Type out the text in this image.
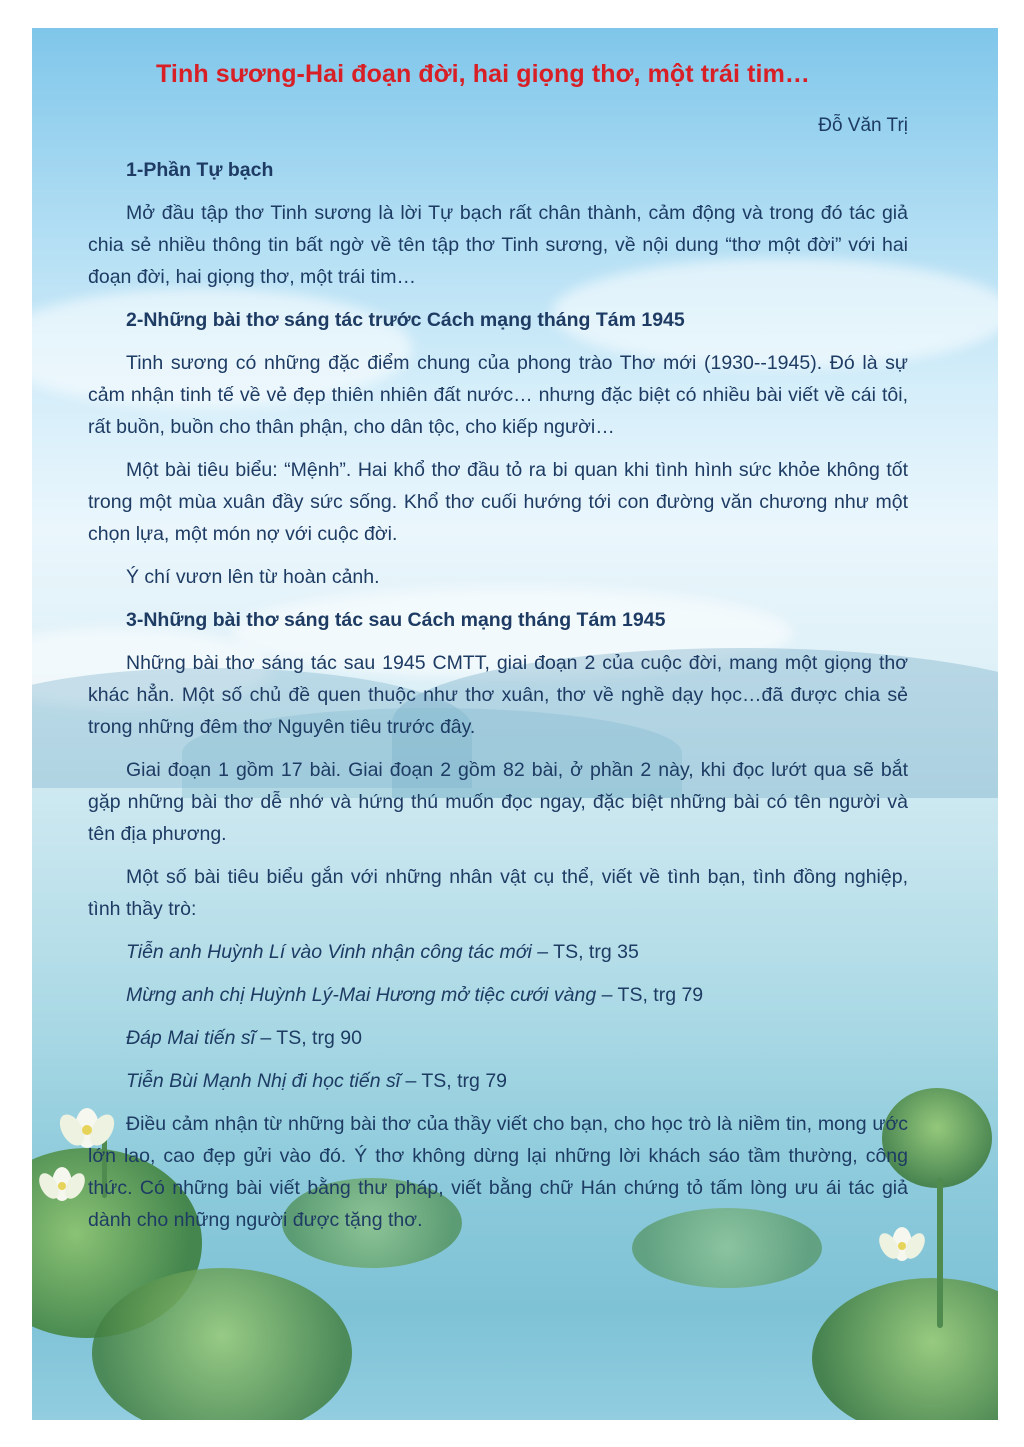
Tinh sương-Hai đoạn đời, hai giọng thơ, một trái tim…
Đỗ Văn Trị

1-Phần Tự bạch

Mở đầu tập thơ Tinh sương là lời Tự bạch rất chân thành, cảm động và trong đó tác giả chia sẻ nhiều thông tin bất ngờ về tên tập thơ Tinh sương, về nội dung “thơ một đời” với hai đoạn đời, hai giọng thơ, một trái tim…

2-Những bài thơ sáng tác trước Cách mạng tháng Tám 1945

Tinh sương có những đặc điểm chung của phong trào Thơ mới (1930--1945). Đó là sự cảm nhận tinh tế về vẻ đẹp thiên nhiên đất nước… nhưng đặc biệt có nhiều bài viết về cái tôi, rất buồn, buồn cho thân phận, cho dân tộc, cho kiếp người…

Một bài tiêu biểu: “Mệnh”. Hai khổ thơ đầu tỏ ra bi quan khi tình hình sức khỏe không tốt trong một mùa xuân đầy sức sống. Khổ thơ cuối hướng tới con đường văn chương như một chọn lựa, một món nợ với cuộc đời.

Ý chí vươn lên từ hoàn cảnh.

3-Những bài thơ sáng tác sau Cách mạng tháng Tám 1945

Những bài thơ sáng tác sau 1945 CMTT, giai đoạn 2 của cuộc đời, mang một giọng thơ khác hẳn. Một số chủ đề quen thuộc như thơ xuân, thơ về nghề dạy học…đã được chia sẻ trong những đêm thơ Nguyên tiêu trước đây.

Giai đoạn 1 gồm 17 bài. Giai đoạn 2 gồm 82 bài, ở phần 2 này, khi đọc lướt qua sẽ bắt gặp những bài thơ dễ nhớ và hứng thú muốn đọc ngay, đặc biệt những bài có tên người và tên địa phương.

Một số bài tiêu biểu gắn với những nhân vật cụ thể, viết về tình bạn, tình đồng nghiệp, tình thầy trò:

Tiễn anh Huỳnh Lí vào Vinh nhận công tác mới – TS, trg 35

Mừng anh chị Huỳnh Lý-Mai Hương mở tiệc cưới vàng – TS, trg 79

Đáp Mai tiến sĩ – TS, trg 90

Tiễn Bùi Mạnh Nhị đi học tiến sĩ – TS, trg 79

Điều cảm nhận từ những bài thơ của thầy viết cho bạn, cho học trò là niềm tin, mong ước lớn lao, cao đẹp gửi vào đó. Ý thơ không dừng lại những lời khách sáo tầm thường, công thức. Có những bài viết bằng thư pháp, viết bằng chữ Hán chứng tỏ tấm lòng ưu ái tác giả dành cho những người được tặng thơ.
